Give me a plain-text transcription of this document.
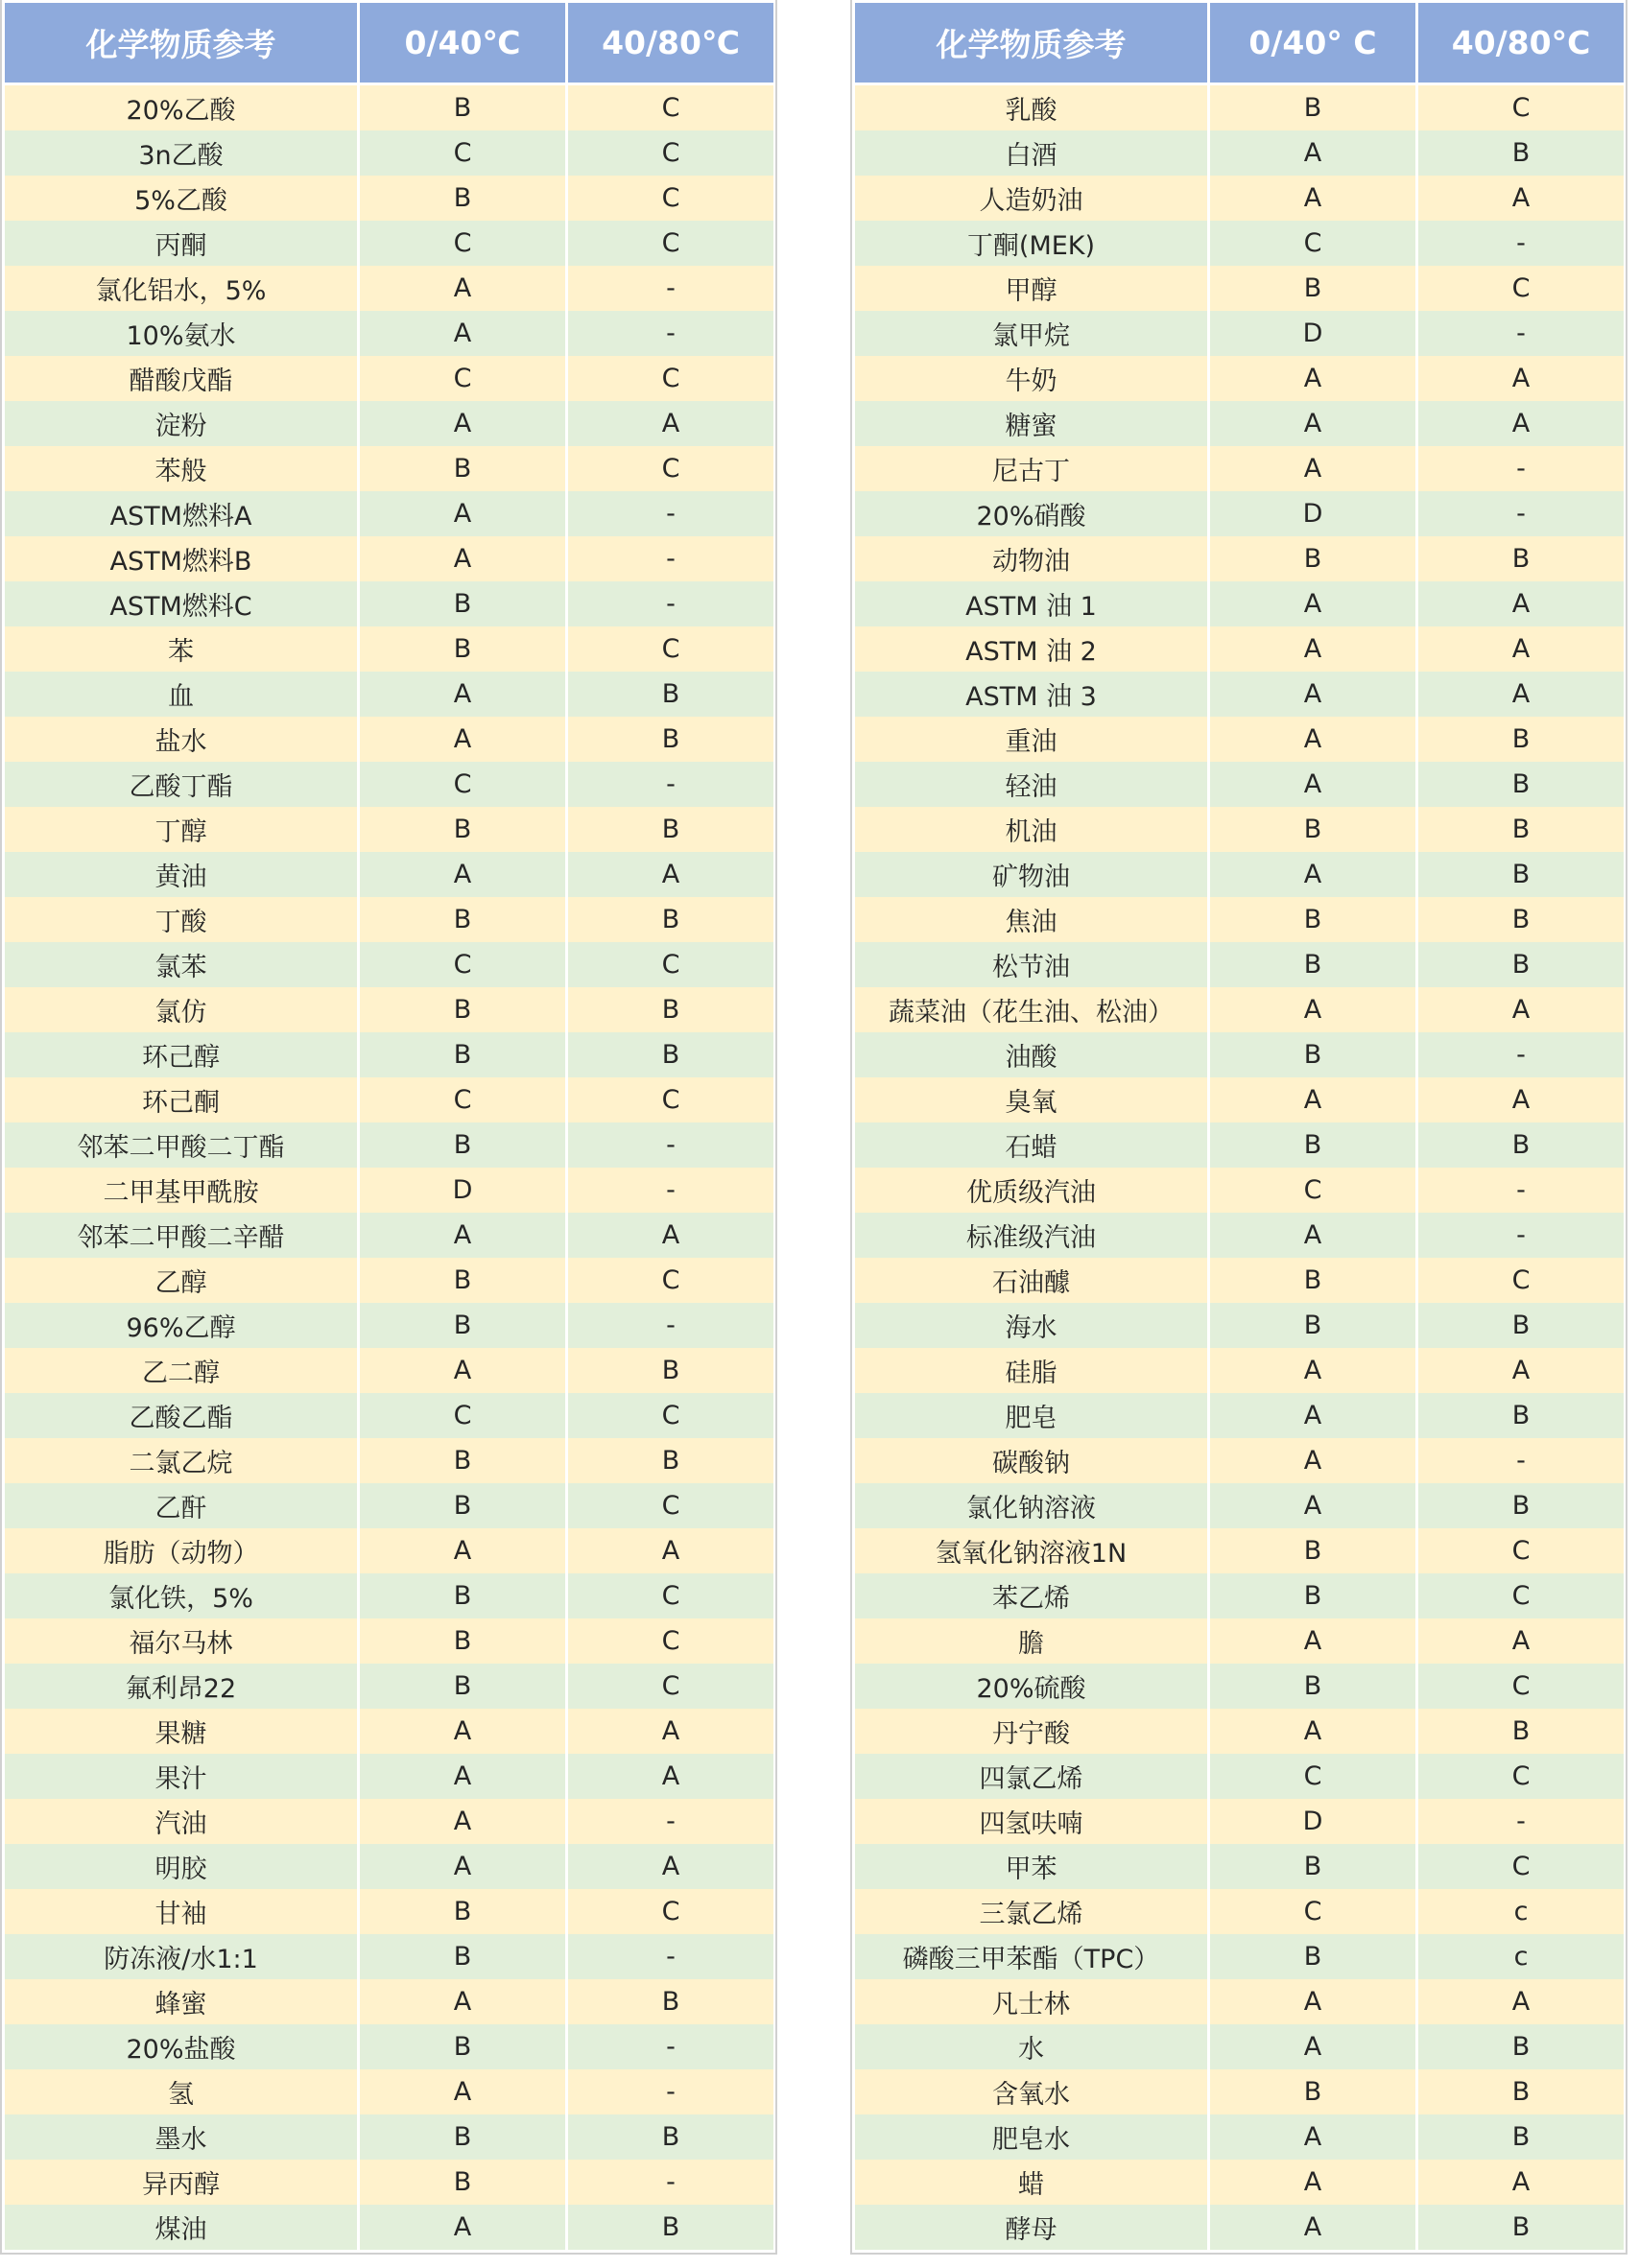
化学物质参考	0/40℃	40/80℃
20%乙酸	B	C
3n乙酸	C	C
5%乙酸	B	C
丙酮	C	C
氯化铝水，5%	A	-
10%氨水	A	-
醋酸戊酯	C	C
淀粉	A	A
苯般	B	C
ASTM燃料A	A	-
ASTM燃料B	A	-
ASTM燃料C	B	-
苯	B	C
血	A	B
盐水	A	B
乙酸丁酯	C	-
丁醇	B	B
黄油	A	A
丁酸	B	B
氯苯	C	C
氯仿	B	B
环己醇	B	B
环己酮	C	C
邻苯二甲酸二丁酯	B	-
二甲基甲酰胺	D	-
邻苯二甲酸二辛醋	A	A
乙醇	B	C
96%乙醇	B	-
乙二醇	A	B
乙酸乙酯	C	C
二氯乙烷	B	B
乙酐	B	C
脂肪（动物）	A	A
氯化铁，5%	B	C
福尔马林	B	C
氟利昂22	B	C
果糖	A	A
果汁	A	A
汽油	A	-
明胶	A	A
甘袖	B	C
防冻液/水1:1	B	-
蜂蜜	A	B
20%盐酸	B	-
氢	A	-
墨水	B	B
异丙醇	B	-
煤油	A	B
化学物质参考	0/40° C	40/80°C
乳酸	B	C
白酒	A	B
人造奶油	A	A
丁酮(MEK)	C	-
甲醇	B	C
氯甲烷	D	-
牛奶	A	A
糖蜜	A	A
尼古丁	A	-
20%硝酸	D	-
动物油	B	B
ASTM 油 1	A	A
ASTM 油 2	A	A
ASTM 油 3	A	A
重油	A	B
轻油	A	B
机油	B	B
矿物油	A	B
焦油	B	B
松节油	B	B
蔬菜油（花生油、松油）	A	A
油酸	B	-
臭氧	A	A
石蜡	B	B
优质级汽油	C	-
标准级汽油	A	-
石油醵	B	C
海水	B	B
硅脂	A	A
肥皂	A	B
碳酸钠	A	-
氯化钠溶液	A	B
氢氧化钠溶液1N	B	C
苯乙烯	B	C
膽	A	A
20%硫酸	B	C
丹宁酸	A	B
四氯乙烯	C	C
四氢呋喃	D	-
甲苯	B	C
三氯乙烯	C	c
磷酸三甲苯酯（TPC）	B	c
凡士林	A	A
水	A	B
含氧水	B	B
肥皂水	A	B
蜡	A	A
酵母	A	B
